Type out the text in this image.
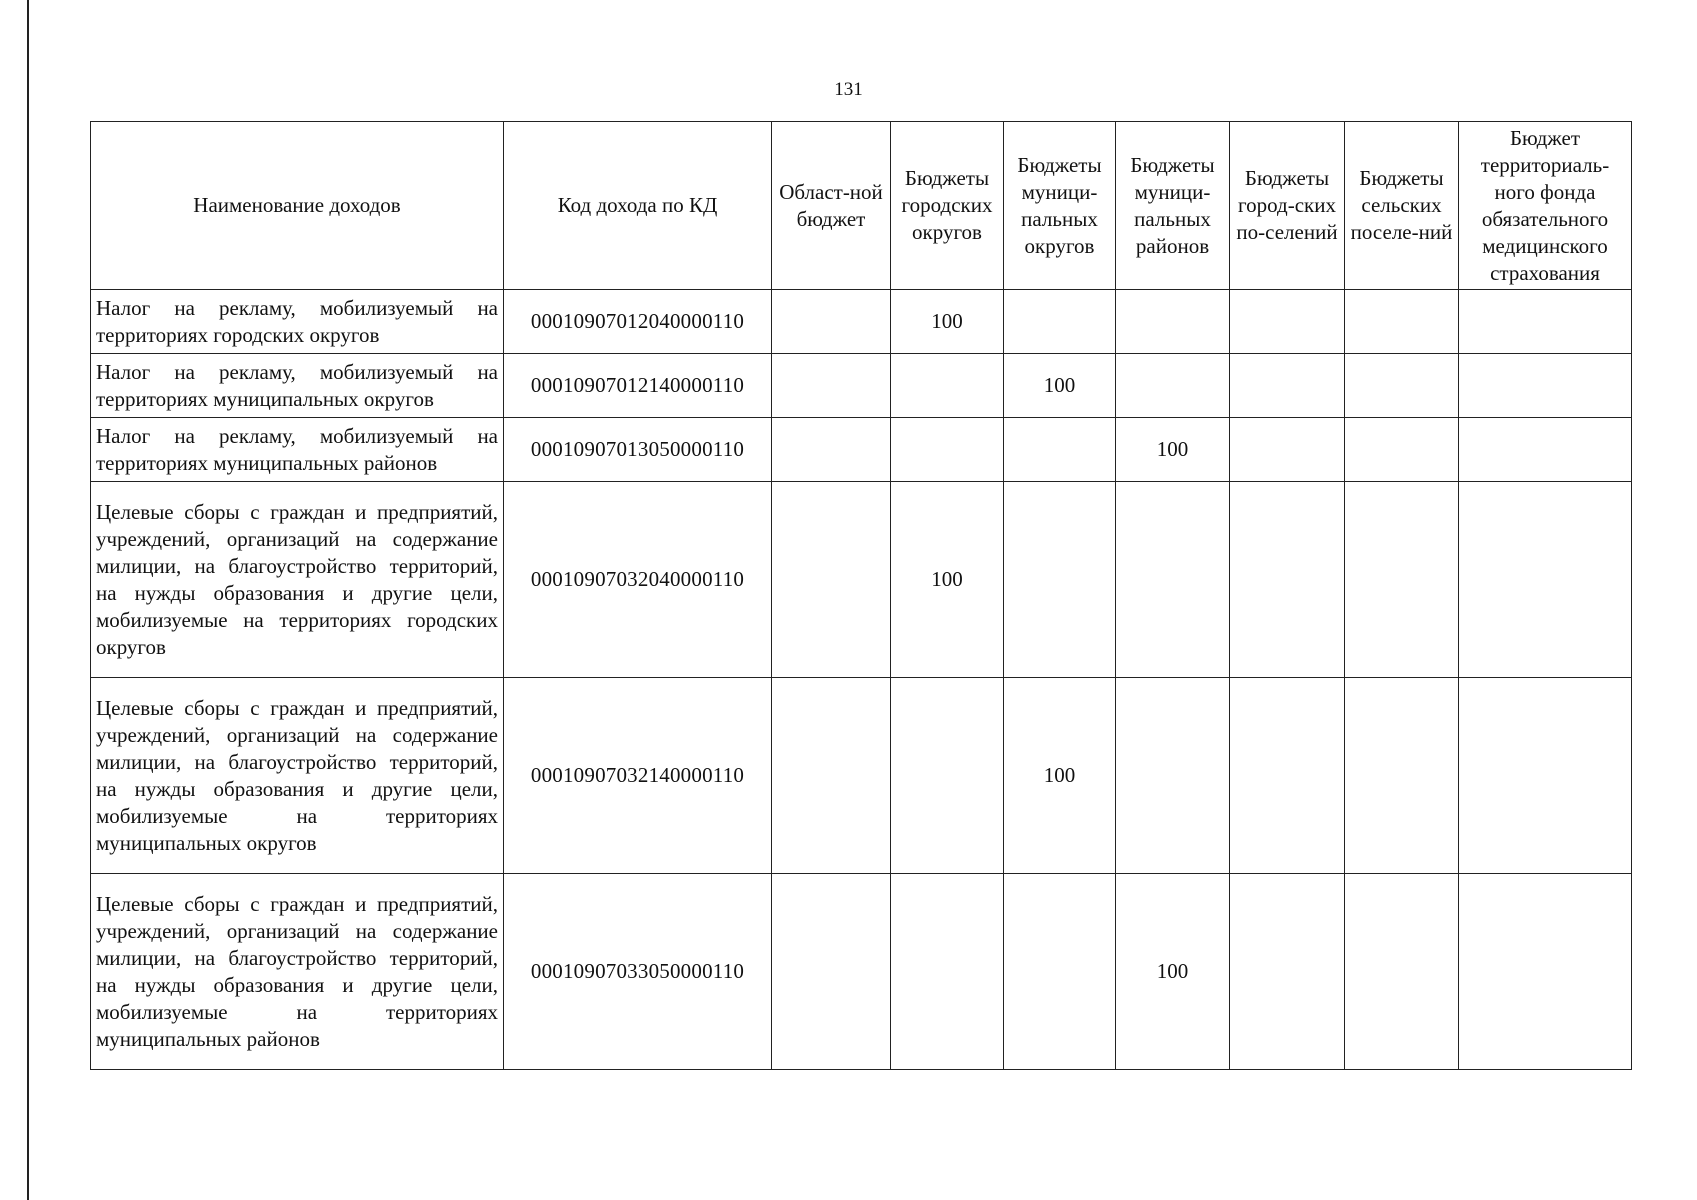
131
Наименование доходов	Код дохода по КД	Област-ной бюджет	Бюджеты городских округов	Бюджеты муници-пальных округов	Бюджеты муници-пальных районов	Бюджеты город-ских по-селений	Бюджеты сельских поселе-ний	Бюджет территориаль-ного фонда обязательного медицинского страхования
Налог на рекламу, мобилизуемый на территориях городских округов	00010907012040000110		100					
Налог на рекламу, мобилизуемый на территориях муниципальных округов	00010907012140000110			100				
Налог на рекламу, мобилизуемый на территориях муниципальных районов	00010907013050000110				100			
Целевые сборы с граждан и предприятий, учреждений, организаций на содержание милиции, на благоустройство территорий, на нужды образования и другие цели, мобилизуемые на территориях городских округов	00010907032040000110		100					
Целевые сборы с граждан и предприятий, учреждений, организаций на содержание милиции, на благоустройство территорий, на нужды образования и другие цели, мобилизуемые на территориях муниципальных округов	00010907032140000110			100				
Целевые сборы с граждан и предприятий, учреждений, организаций на содержание милиции, на благоустройство территорий, на нужды образования и другие цели, мобилизуемые на территориях муниципальных районов	00010907033050000110				100			
